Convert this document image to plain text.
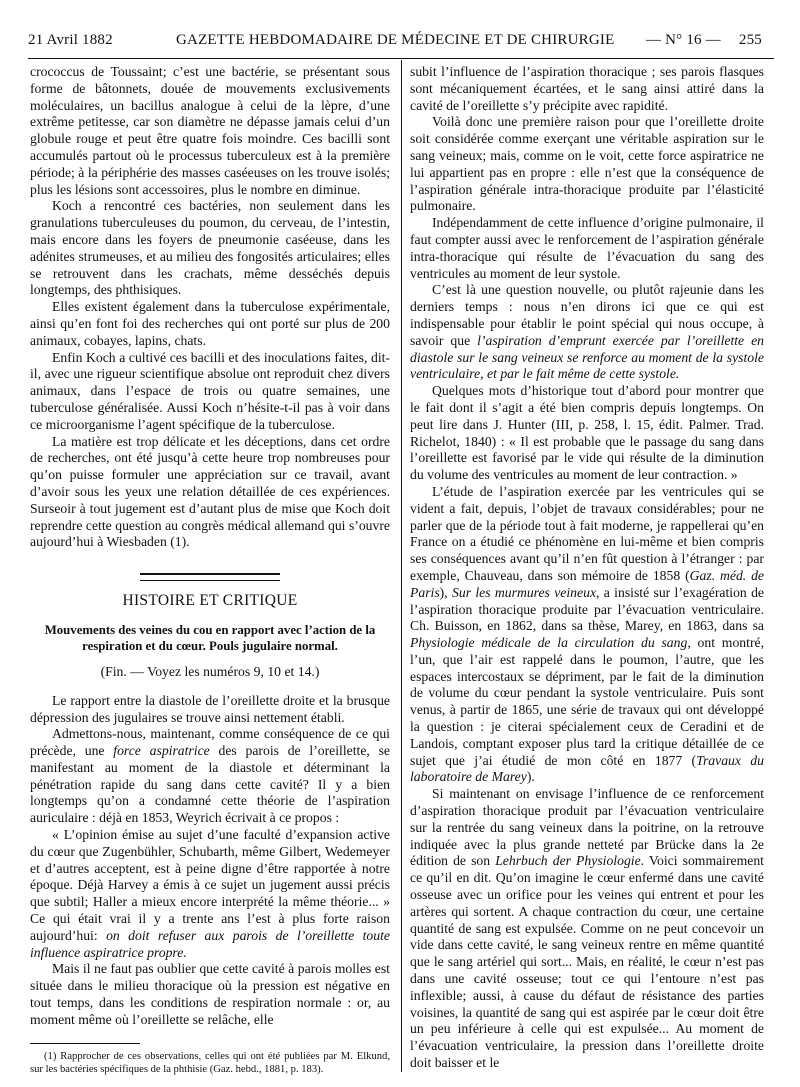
21 Avril 1882	GAZETTE HEBDOMADAIRE DE MÉDECINE ET DE CHIRURGIE — N° 16 — 255

crococcus de Toussaint; c’est une bactérie, se présentant sous forme de bâtonnets, douée de mouvements exclusivements moléculaires, un bacillus analogue à celui de la lèpre, d’une extrême petitesse, car son diamètre ne dépasse jamais celui d’un globule rouge et peut être quatre fois moindre. Ces bacilli sont accumulés partout où le processus tuberculeux est à la première période; à la périphérie des masses caséeuses on les trouve isolés; plus les lésions sont accessoires, plus le nombre en diminue.

Koch a rencontré ces bactéries, non seulement dans les granulations tuberculeuses du poumon, du cerveau, de l’intestin, mais encore dans les foyers de pneumonie caséeuse, dans les adénites strumeuses, et au milieu des fongosités articulaires; elles se retrouvent dans les crachats, même desséchés depuis longtemps, des phthisiques.

Elles existent également dans la tuberculose expérimentale, ainsi qu’en font foi des recherches qui ont porté sur plus de 200 animaux, cobayes, lapins, chats.

Enfin Koch a cultivé ces bacilli et des inoculations faites, dit-il, avec une rigueur scientifique absolue ont reproduit chez divers animaux, dans l’espace de trois ou quatre semaines, une tuberculose généralisée. Aussi Koch n’hésite-t-il pas à voir dans ce microorganisme l’agent spécifique de la tuberculose.

La matière est trop délicate et les déceptions, dans cet ordre de recherches, ont été jusqu’à cette heure trop nombreuses pour qu’on puisse formuler une appréciation sur ce travail, avant d’avoir sous les yeux une relation détaillée de ces expériences. Surseoir à tout jugement est d’autant plus de mise que Koch doit reprendre cette question au congrès médical allemand qui s’ouvre aujourd’hui à Wiesbaden (1).

HISTOIRE ET CRITIQUE

Mouvements des veines du cou en rapport avec l’action de la respiration et du cœur. Pouls jugulaire normal.

(Fin. — Voyez les numéros 9, 10 et 14.)

Le rapport entre la diastole de l’oreillette droite et la brusque dépression des jugulaires se trouve ainsi nettement établi.

Admettons-nous, maintenant, comme conséquence de ce qui précède, une force aspiratrice des parois de l’oreillette, se manifestant au moment de la diastole et déterminant la pénétration rapide du sang dans cette cavité? Il y a bien longtemps qu’on a condamné cette théorie de l’aspiration auriculaire : déjà en 1853, Weyrich écrivait à ce propos :

« L’opinion émise au sujet d’une faculté d’expansion active du cœur que Zugenbühler, Schubarth, même Gilbert, Wedemeyer et d’autres acceptent, est à peine digne d’être rapportée à notre époque. Déjà Harvey a émis à ce sujet un jugement aussi précis que subtil; Haller a mieux encore interprété la même théorie... » Ce qui était vrai il y a trente ans l’est à plus forte raison aujourd’hui: on doit refuser aux parois de l’oreillette toute influence aspiratrice propre.

Mais il ne faut pas oublier que cette cavité à parois molles est située dans le milieu thoracique où la pression est négative en tout temps, dans les conditions de respiration normale : or, au moment même où l’oreillette se relâche, elle

(1) Rapprocher de ces observations, celles qui ont été publiées par M. Elkund, sur les bactéries spécifiques de la phthisie (Gaz. hebd., 1881, p. 183).

subit l’influence de l’aspiration thoracique ; ses parois flasques sont mécaniquement écartées, et le sang ainsi attiré dans la cavité de l’oreillette s’y précipite avec rapidité.

Voilà donc une première raison pour que l’oreillette droite soit considérée comme exerçant une véritable aspiration sur le sang veineux; mais, comme on le voit, cette force aspiratrice ne lui appartient pas en propre : elle n’est que la conséquence de l’aspiration générale intra-thoracique produite par l’élasticité pulmonaire.

Indépendamment de cette influence d’origine pulmonaire, il faut compter aussi avec le renforcement de l’aspiration générale intra-thoracique qui résulte de l’évacuation du sang des ventricules au moment de leur systole.

C’est là une question nouvelle, ou plutôt rajeunie dans les derniers temps : nous n’en dirons ici que ce qui est indispensable pour établir le point spécial qui nous occupe, à savoir que l’aspiration d’emprunt exercée par l’oreillette en diastole sur le sang veineux se renforce au moment de la systole ventriculaire, et par le fait même de cette systole.

Quelques mots d’historique tout d’abord pour montrer que le fait dont il s’agit a été bien compris depuis longtemps. On peut lire dans J. Hunter (III, p. 258, l. 15, édit. Palmer. Trad. Richelot, 1840) : « Il est probable que le passage du sang dans l’oreillette est favorisé par le vide qui résulte de la diminution du volume des ventricules au moment de leur contraction. »

L’étude de l’aspiration exercée par les ventricules qui se vident a fait, depuis, l’objet de travaux considérables; pour ne parler que de la période tout à fait moderne, je rappellerai qu’en France on a étudié ce phénomène en lui-même et bien compris ses conséquences avant qu’il n’en fût question à l’étranger : par exemple, Chauveau, dans son mémoire de 1858 (Gaz. méd. de Paris), Sur les murmures veineux, a insisté sur l’exagération de l’aspiration thoracique produite par l’évacuation ventriculaire. Ch. Buisson, en 1862, dans sa thèse, Marey, en 1863, dans sa Physiologie médicale de la circulation du sang, ont montré, l’un, que l’air est rappelé dans le poumon, l’autre, que les espaces intercostaux se dépriment, par le fait de la diminution de volume du cœur pendant la systole ventriculaire. Puis sont venus, à partir de 1865, une série de travaux qui ont développé la question : je citerai spécialement ceux de Ceradini et de Landois, comptant exposer plus tard la critique détaillée de ce sujet que j’ai étudié de mon côté en 1877 (Travaux du laboratoire de Marey).

Si maintenant on envisage l’influence de ce renforcement d’aspiration thoracique produit par l’évacuation ventriculaire sur la rentrée du sang veineux dans la poitrine, on la retrouve indiquée avec la plus grande netteté par Brücke dans la 2e édition de son Lehrbuch der Physiologie. Voici sommairement ce qu’il en dit. Qu’on imagine le cœur enfermé dans une cavité osseuse avec un orifice pour les veines qui entrent et pour les artères qui sortent. A chaque contraction du cœur, une certaine quantité de sang est expulsée. Comme on ne peut concevoir un vide dans cette cavité, le sang veineux rentre en même quantité que le sang artériel qui sort... Mais, en réalité, le cœur n’est pas dans une cavité osseuse; tout ce qui l’entoure n’est pas inflexible; aussi, à cause du défaut de résistance des parties voisines, la quantité de sang qui est aspirée par le cœur doit être un peu inférieure à celle qui est expulsée... Au moment de l’évacuation ventriculaire, la pression dans l’oreillette droite doit baisser et le
